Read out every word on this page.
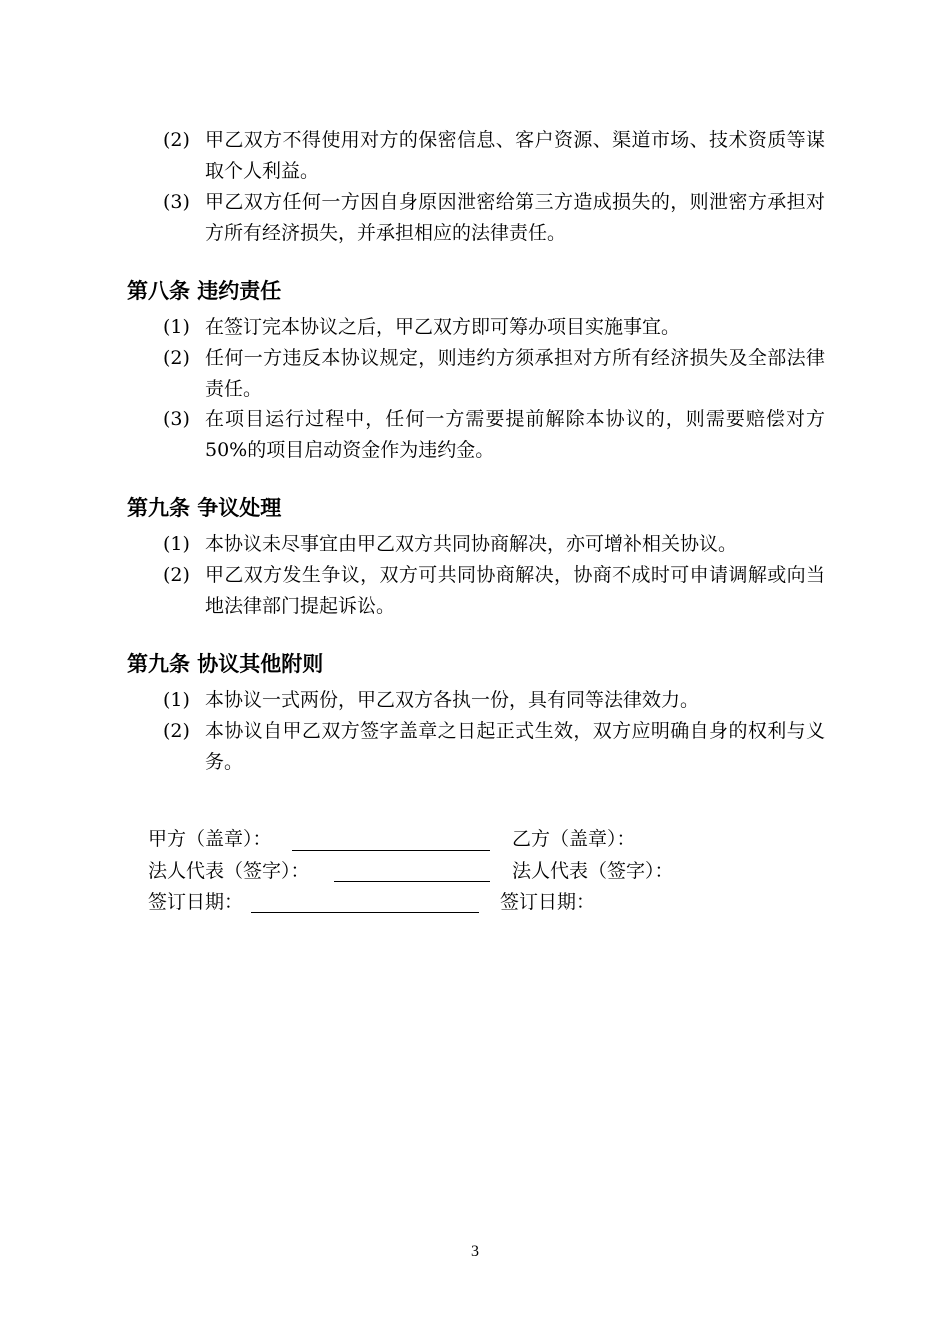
(2) 甲乙双方不得使用对方的保密信息、客户资源、渠道市场、技术资质等谋取个人利益。
(3) 甲乙双方任何一方因自身原因泄密给第三方造成损失的，则泄密方承担对方所有经济损失，并承担相应的法律责任。
第八条 违约责任
(1) 在签订完本协议之后，甲乙双方即可筹办项目实施事宜。
(2) 任何一方违反本协议规定，则违约方须承担对方所有经济损失及全部法律责任。
(3) 在项目运行过程中，任何一方需要提前解除本协议的，则需要赔偿对方 50%的项目启动资金作为违约金。
第九条 争议处理
(1) 本协议未尽事宜由甲乙双方共同协商解决，亦可增补相关协议。
(2) 甲乙双方发生争议，双方可共同协商解决，协商不成时可申请调解或向当地法律部门提起诉讼。
第九条 协议其他附则
(1) 本协议一式两份，甲乙双方各执一份，具有同等法律效力。
(2) 本协议自甲乙双方签字盖章之日起正式生效，双方应明确自身的权利与义务。
甲方（盖章）：	乙方（盖章）：
法人代表（签字）：	法人代表（签字）：
签订日期：	签订日期：
3
